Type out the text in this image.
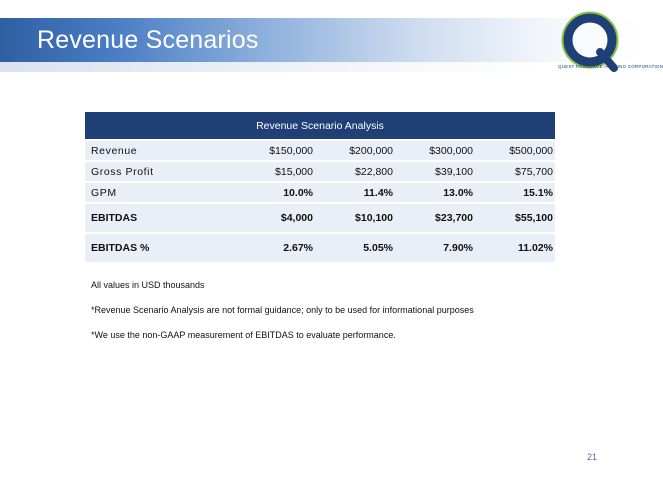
Revenue Scenarios
QUEST RESOURCE HOLDING CORPORATION
Revenue Scenario Analysis				
Revenue	$150,000	$200,000	$300,000	$500,000
Gross Profit	$15,000	$22,800	$39,100	$75,700
GPM	10.0%	11.4%	13.0%	15.1%
EBITDAS	$4,000	$10,100	$23,700	$55,100
EBITDAS %	2.67%	5.05%	7.90%	11.02%
All values in USD thousands
*Revenue Scenario Analysis are not formal guidance; only to be used for informational purposes
*We use the non-GAAP measurement of EBITDAS to evaluate performance.
21
